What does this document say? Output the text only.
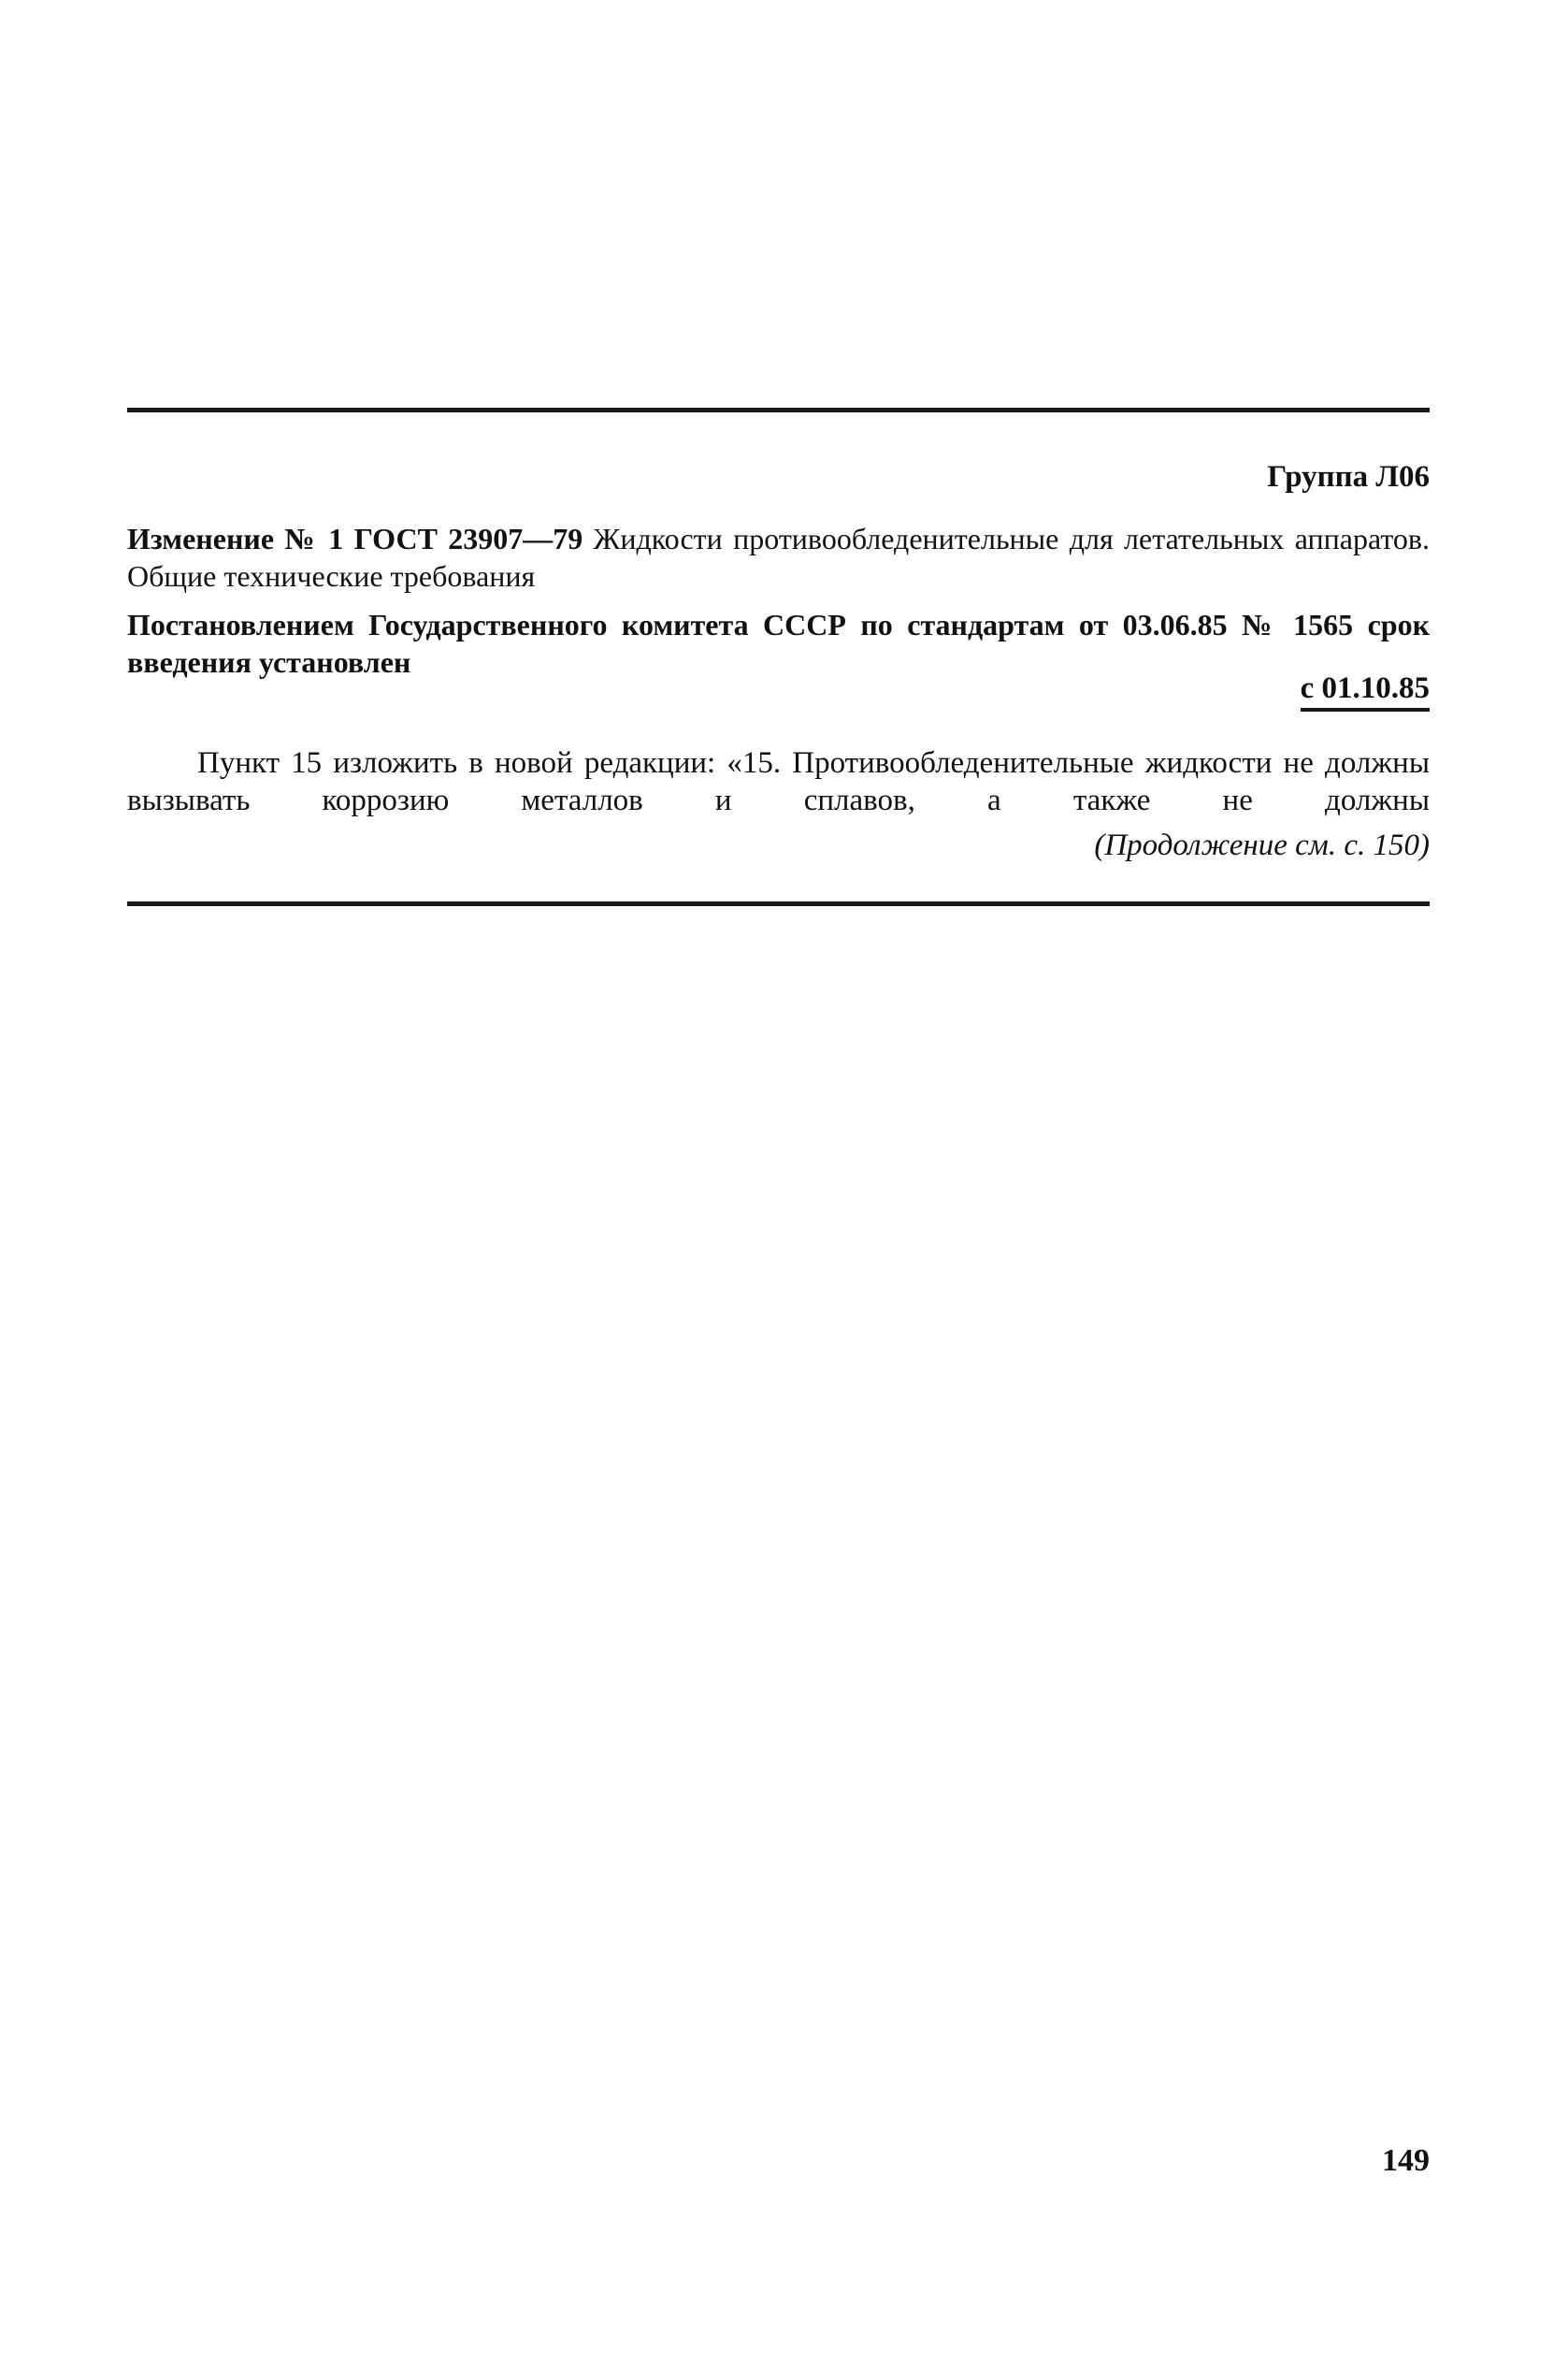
Группа Л06
Изменение № 1 ГОСТ 23907—79 Жидкости противообледенительные для летательных аппаратов. Общие технические требования
Постановлением Государственного комитета СССР по стандартам от 03.06.85 № 1565 срок введения установлен
с 01.10.85
Пункт 15 изложить в новой редакции: «15. Противообледенительные жидкости не должны вызывать коррозию металлов и сплавов, а также не должны
(Продолжение см. с. 150)
149
